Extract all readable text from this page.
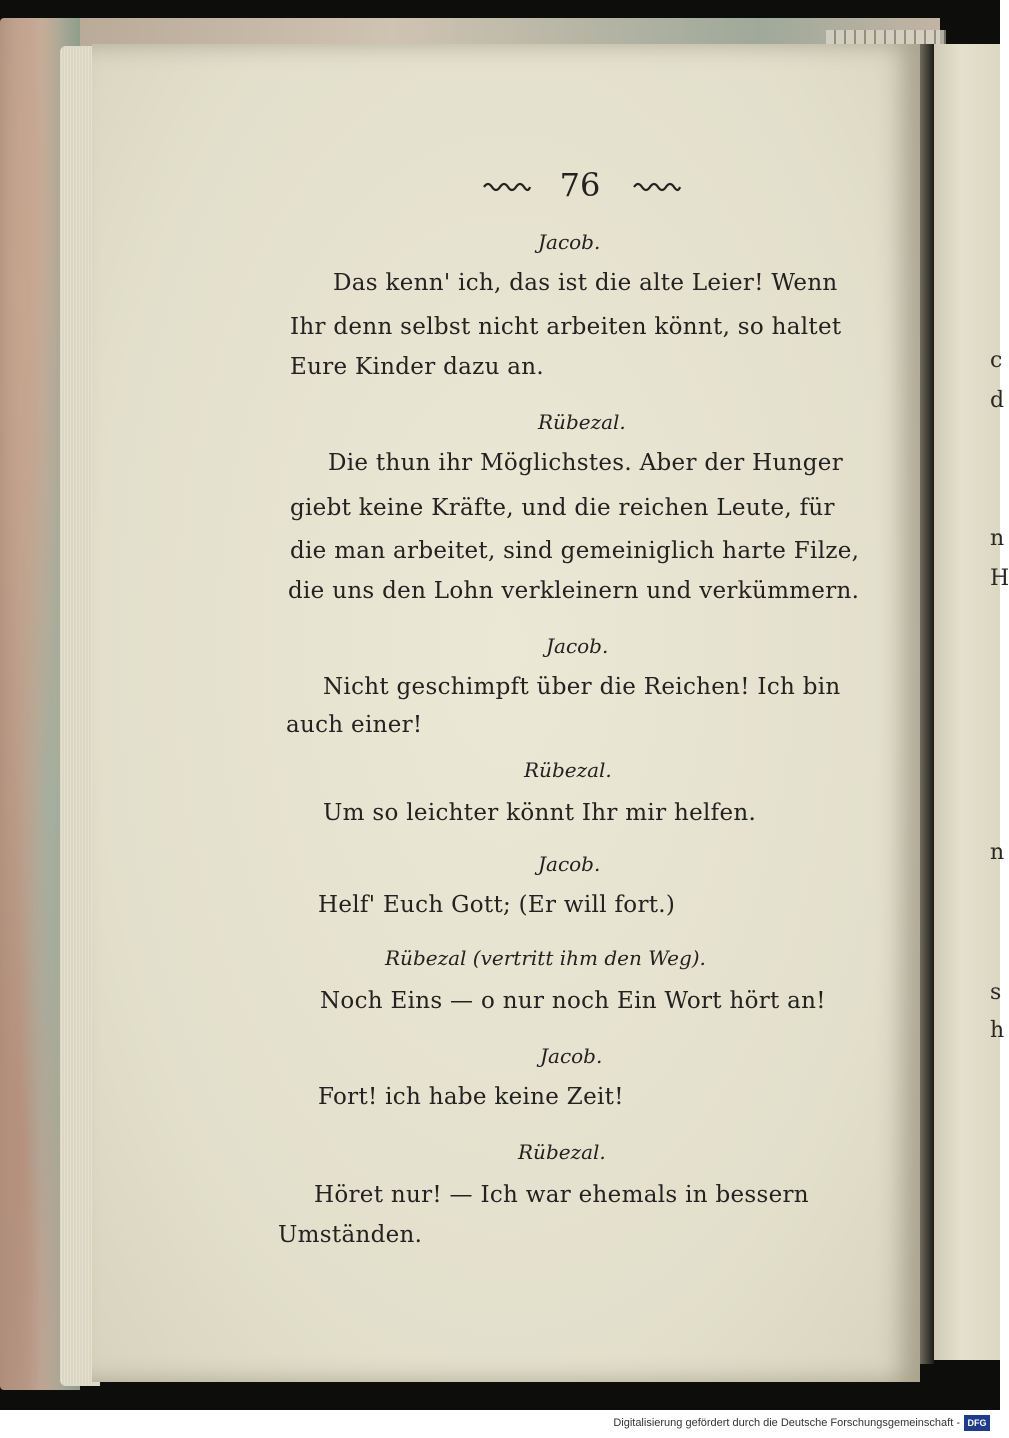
c
d
n
H
n
s
h
76
Jacob.
Das kenn' ich, das ist die alte Leier! Wenn
Ihr denn selbst nicht arbeiten könnt, so haltet
Eure Kinder dazu an.
Rübezal.
Die thun ihr Möglichstes. Aber der Hunger
giebt keine Kräfte, und die reichen Leute, für
die man arbeitet, sind gemeiniglich harte Filze,
die uns den Lohn verkleinern und verkümmern.
Jacob.
Nicht geschimpft über die Reichen! Ich bin
auch einer!
Rübezal.
Um so leichter könnt Ihr mir helfen.
Jacob.
Helf' Euch Gott; (Er will fort.)
Rübezal (vertritt ihm den Weg).
Noch Eins — o nur noch Ein Wort hört an!
Jacob.
Fort! ich habe keine Zeit!
Rübezal.
Höret nur! — Ich war ehemals in bessern
Umständen.
Digitalisierung gefördert durch die Deutsche Forschungsgemeinschaft - DFG
